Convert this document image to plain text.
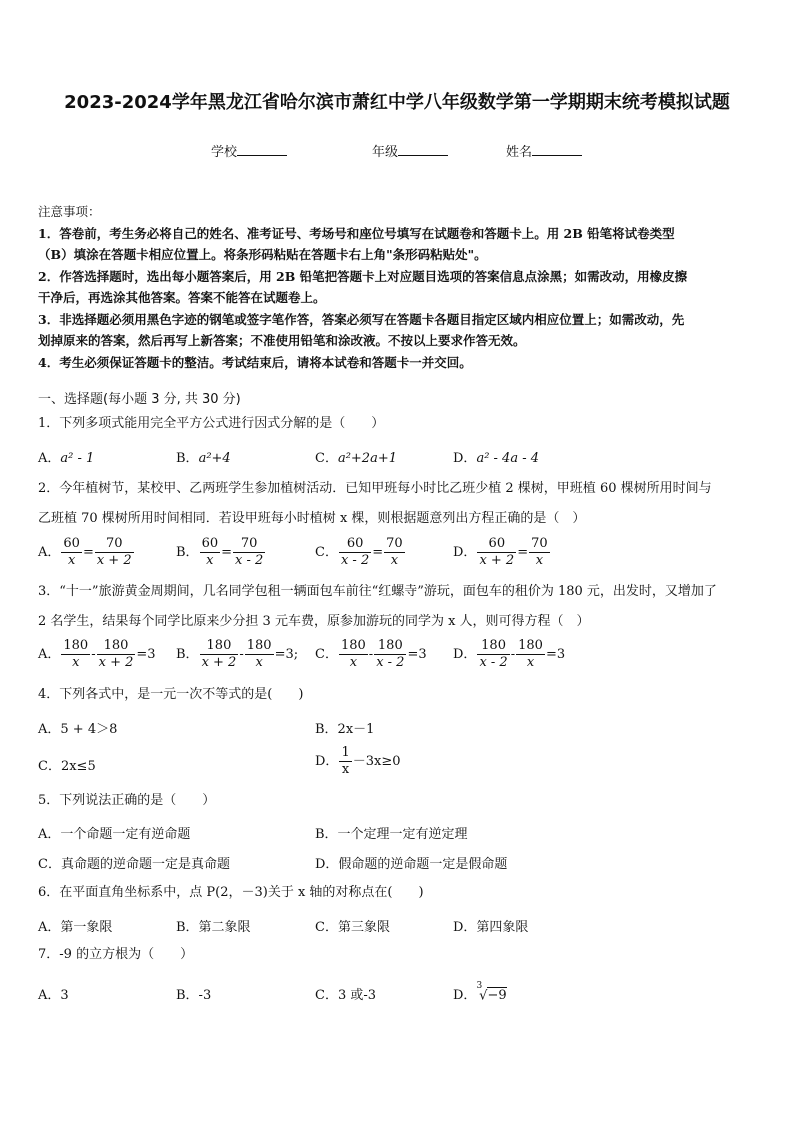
2023-2024学年黑龙江省哈尔滨市萧红中学八年级数学第一学期期末统考模拟试题
学校	年级	姓名
注意事项：

1．答卷前，考生务必将自己的姓名、准考证号、考场号和座位号填写在试题卷和答题卡上。用 2B 铅笔将试卷类型

（B）填涂在答题卡相应位置上。将条形码粘贴在答题卡右上角"条形码粘贴处"。

2．作答选择题时，选出每小题答案后，用 2B 铅笔把答题卡上对应题目选项的答案信息点涂黑；如需改动，用橡皮擦

干净后，再选涂其他答案。答案不能答在试题卷上。

3．非选择题必须用黑色字迹的钢笔或签字笔作答，答案必须写在答题卡各题目指定区域内相应位置上；如需改动，先

划掉原来的答案，然后再写上新答案；不准使用铅笔和涂改液。不按以上要求作答无效。

4．考生必须保证答题卡的整洁。考试结束后，请将本试卷和答题卡一并交回。

一、选择题(每小题 3 分, 共 30 分)
1．下列多项式能用完全平方公式进行因式分解的是（　　）
A．a² - 1	B．a²+4	C．a²+2a+1	D．a² - 4a - 4
2．今年植树节，某校甲、乙两班学生参加植树活动．已知甲班每小时比乙班少植 2 棵树，甲班植 60 棵树所用时间与
乙班植 70 棵树所用时间相同．若设甲班每小时植树 x 棵，则根据题意列出方程正确的是（　）
A． $\frac{60}{x} = \frac{70}{x + 2}$	B． $\frac{60}{x} = \frac{70}{x - 2}$	C． $\frac{60}{x - 2} = \frac{70}{x}$	D． $\frac{60}{x + 2} = \frac{70}{x}$
3．“十一”旅游黄金周期间，几名同学包租一辆面包车前往“红螺寺”游玩，面包车的租价为 180 元，出发时，又增加了
2 名学生，结果每个同学比原来少分担 3 元车费，原参加游玩的同学为 x 人，则可得方程（　）
A． $\frac{180}{x} - \frac{180}{x + 2} =3$ B． $\frac{180}{x + 2} - \frac{180}{x} =3$; C． $\frac{180}{x} - \frac{180}{x - 2} =3$ D． $\frac{180}{x - 2} - \frac{180}{x} =3$
4．下列各式中，是一元一次不等式的是(　　)
A．5 + 4＞8	B．2x－1
C．2x≤5	D． $\frac{1}{x} -3x\ge 0$
5．下列说法正确的是（　　）
A．一个命题一定有逆命题	B．一个定理一定有逆定理
C．真命题的逆命题一定是真命题	D．假命题的逆命题一定是假命题
6．在平面直角坐标系中，点 P(2，－3)关于 x 轴的对称点在(　　)
A．第一象限	B．第二象限	C．第三象限	D．第四象限
7．-9 的立方根为（　　）
A．3	B．-3	C．3 或-3	D．$^3$√−9
